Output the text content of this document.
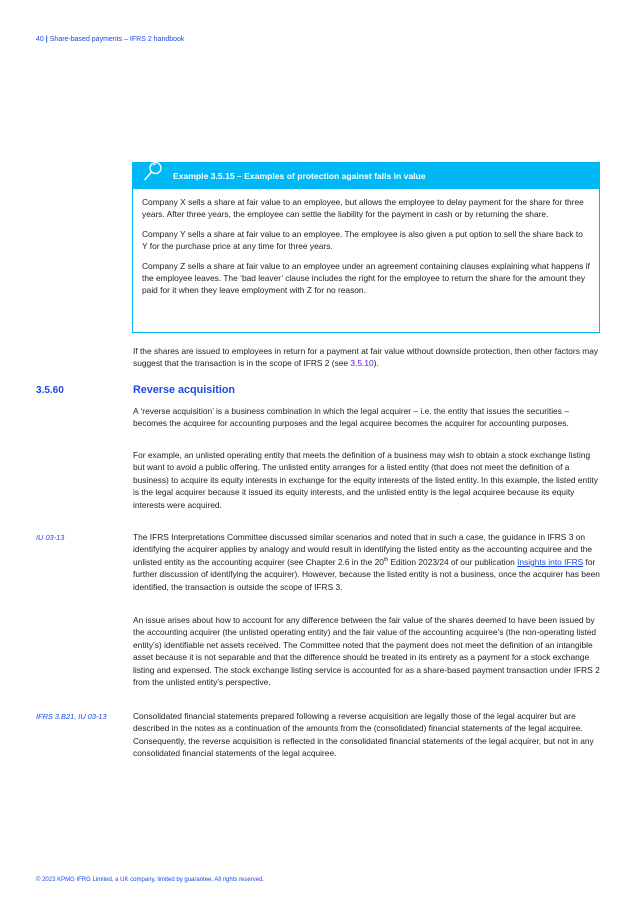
40 | Share-based payments – IFRS 2 handbook
Example 3.5.15 – Examples of protection against falls in value

Company X sells a share at fair value to an employee, but allows the employee to delay payment for the share for three years. After three years, the employee can settle the liability for the payment in cash or by returning the share.

Company Y sells a share at fair value to an employee. The employee is also given a put option to sell the share back to Y for the purchase price at any time for three years.

Company Z sells a share at fair value to an employee under an agreement containing clauses explaining what happens if the employee leaves. The ‘bad leaver’ clause includes the right for the employee to return the share for the amount they paid for it when they leave employment with Z for no reason.

If the shares are issued to employees in return for a payment at fair value without downside protection, then other factors may suggest that the transaction is in the scope of IFRS 2 (see 3.5.10).

3.5.60	Reverse acquisition

A ‘reverse acquisition’ is a business combination in which the legal acquirer – i.e. the entity that issues the securities – becomes the acquiree for accounting purposes and the legal acquiree becomes the acquirer for accounting purposes.

For example, an unlisted operating entity that meets the definition of a business may wish to obtain a stock exchange listing but want to avoid a public offering. The unlisted entity arranges for a listed entity (that does not meet the definition of a business) to acquire its equity interests in exchange for the equity interests of the listed entity. In this example, the listed entity is the legal acquirer because it issued its equity interests, and the unlisted entity is the legal acquiree because its equity interests were acquired.

IU 03-13	The IFRS Interpretations Committee discussed similar scenarios and noted that in such a case, the guidance in IFRS 3 on identifying the acquirer applies by analogy and would result in identifying the listed entity as the accounting acquiree and the unlisted entity as the accounting acquirer (see Chapter 2.6 in the 20th Edition 2023/24 of our publication Insights into IFRS for further discussion of identifying the acquirer). However, because the listed entity is not a business, once the acquirer has been identified, the transaction is outside the scope of IFRS 3.

An issue arises about how to account for any difference between the fair value of the shares deemed to have been issued by the accounting acquirer (the unlisted operating entity) and the fair value of the accounting acquiree’s (the non-operating listed entity’s) identifiable net assets received. The Committee noted that the payment does not meet the definition of an intangible asset because it is not separable and that the difference should be treated in its entirety as a payment for a stock exchange listing and expensed. The stock exchange listing service is accounted for as a share-based payment transaction under IFRS 2 from the unlisted entity’s perspective.

IFRS 3.B21, IU 03-13	Consolidated financial statements prepared following a reverse acquisition are legally those of the legal acquirer but are described in the notes as a continuation of the amounts from the (consolidated) financial statements of the legal acquiree. Consequently, the reverse acquisition is reflected in the consolidated financial statements of the legal acquirer, but not in any consolidated financial statements of the legal acquiree.

© 2023 KPMG IFRG Limited, a UK company, limited by guarantee. All rights reserved.
